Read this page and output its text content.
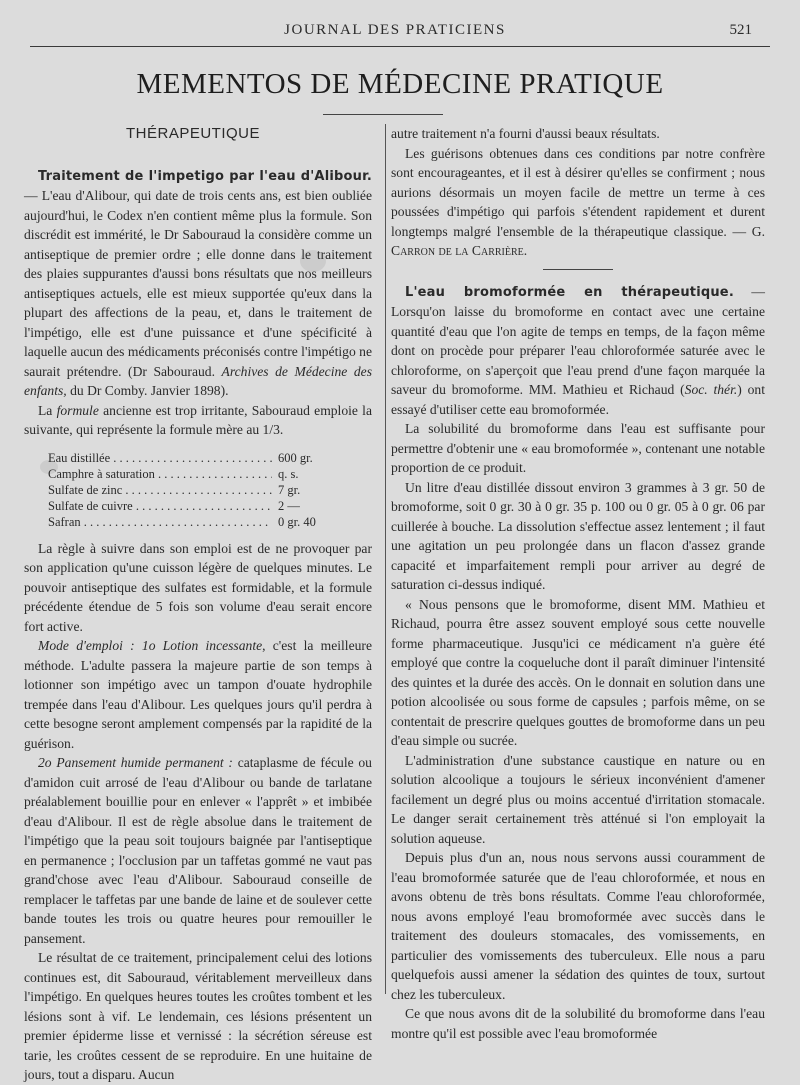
JOURNAL DES PRATICIENS	521
MEMENTOS DE MÉDECINE PRATIQUE
THÉRAPEUTIQUE

Traitement de l'impetigo par l'eau d'Alibour. — L'eau d'Alibour, qui date de trois cents ans, est bien oubliée aujourd'hui, le Codex n'en contient même plus la formule. Son discrédit est immérité, le Dr Sabouraud la considère comme un antiseptique de premier ordre ; elle donne dans le traitement des plaies suppurantes d'aussi bons résultats que nos meilleurs antiseptiques actuels, elle est mieux supportée qu'eux dans la plupart des affections de la peau, et, dans le traitement de l'impétigo, elle est d'une puissance et d'une spécificité à laquelle aucun des médicaments préconisés contre l'impétigo ne saurait prétendre. (Dr Sabouraud. Archives de Médecine des enfants, du Dr Comby. Janvier 1898).

La formule ancienne est trop irritante, Sabouraud emploie la suivante, qui représente la formule mère au 1/3.

Eau distillée . . .	600 gr.
Camphre à saturation . . .	q. s.
Sulfate de zinc . . .	7 gr.
Sulfate de cuivre . . .	2 —
Safran . . .	0 gr. 40

La règle à suivre dans son emploi est de ne provoquer par son application qu'une cuisson légère de quelques minutes. Le pouvoir antiseptique des sulfates est formidable, et la formule précédente étendue de 5 fois son volume d'eau serait encore fort active.

Mode d'emploi : 1o Lotion incessante, c'est la meilleure méthode. L'adulte passera la majeure partie de son temps à lotionner son impétigo avec un tampon d'ouate hydrophile trempée dans l'eau d'Alibour. Les quelques jours qu'il perdra à cette besogne seront amplement compensés par la rapidité de la guérison.

2o Pansement humide permanent : cataplasme de fécule ou d'amidon cuit arrosé de l'eau d'Alibour ou bande de tarlatane préalablement bouillie pour en enlever « l'apprêt » et imbibée d'eau d'Alibour. Il est de règle absolue dans le traitement de l'impétigo que la peau soit toujours baignée par l'antiseptique en permanence ; l'occlusion par un taffetas gommé ne vaut pas grand'chose avec l'eau d'Alibour. Sabouraud conseille de remplacer le taffetas par une bande de laine et de soulever cette bande toutes les trois ou quatre heures pour remouiller le pansement.

Le résultat de ce traitement, principalement celui des lotions continues est, dit Sabouraud, véritablement merveilleux dans l'impétigo. En quelques heures toutes les croûtes tombent et les lésions sont à vif. Le lendemain, ces lésions présentent un premier épiderme lisse et vernissé : la sécrétion séreuse est tarie, les croûtes cessent de se reproduire. En une huitaine de jours, tout a disparu. Aucun

autre traitement n'a fourni d'aussi beaux résultats.

Les guérisons obtenues dans ces conditions par notre confrère sont encourageantes, et il est à désirer qu'elles se confirment ; nous aurions désormais un moyen facile de mettre un terme à ces poussées d'impétigo qui parfois s'étendent rapidement et durent longtemps malgré l'ensemble de la thérapeutique classique. — G. Carron de la Carrière.

L'eau bromoformée en thérapeutique. — Lorsqu'on laisse du bromoforme en contact avec une certaine quantité d'eau que l'on agite de temps en temps, de la façon même dont on procède pour préparer l'eau chloroformée saturée avec le chloroforme, on s'aperçoit que l'eau prend d'une façon marquée la saveur du bromoforme. MM. Mathieu et Richaud (Soc. thér.) ont essayé d'utiliser cette eau bromoformée.

La solubilité du bromoforme dans l'eau est suffisante pour permettre d'obtenir une « eau bromoformée », contenant une notable proportion de ce produit.

Un litre d'eau distillée dissout environ 3 grammes à 3 gr. 50 de bromoforme, soit 0 gr. 30 à 0 gr. 35 p. 100 ou 0 gr. 05 à 0 gr. 06 par cuillerée à bouche. La dissolution s'effectue assez lentement ; il faut une agitation un peu prolongée dans un flacon d'assez grande capacité et imparfaitement rempli pour arriver au degré de saturation ci-dessus indiqué.

« Nous pensons que le bromoforme, disent MM. Mathieu et Richaud, pourra être assez souvent employé sous cette nouvelle forme pharmaceutique. Jusqu'ici ce médicament n'a guère été employé que contre la coqueluche dont il paraît diminuer l'intensité des quintes et la durée des accès. On le donnait en solution dans une potion alcoolisée ou sous forme de capsules ; parfois même, on se contentait de prescrire quelques gouttes de bromoforme dans un peu d'eau simple ou sucrée.

L'administration d'une substance caustique en nature ou en solution alcoolique a toujours le sérieux inconvénient d'amener facilement un degré plus ou moins accentué d'irritation stomacale. Le danger serait certainement très atténué si l'on employait la solution aqueuse.

Depuis plus d'un an, nous nous servons aussi couramment de l'eau bromoformée saturée que de l'eau chloroformée, et nous en avons obtenu de très bons résultats. Comme l'eau chloroformée, nous avons employé l'eau bromoformée avec succès dans le traitement des douleurs stomacales, des vomissements, en particulier des vomissements des tuberculeux. Elle nous a paru quelquefois aussi amener la sédation des quintes de toux, surtout chez les tuberculeux.

Ce que nous avons dit de la solubilité du bromoforme dans l'eau montre qu'il est possible avec l'eau bromoformée
